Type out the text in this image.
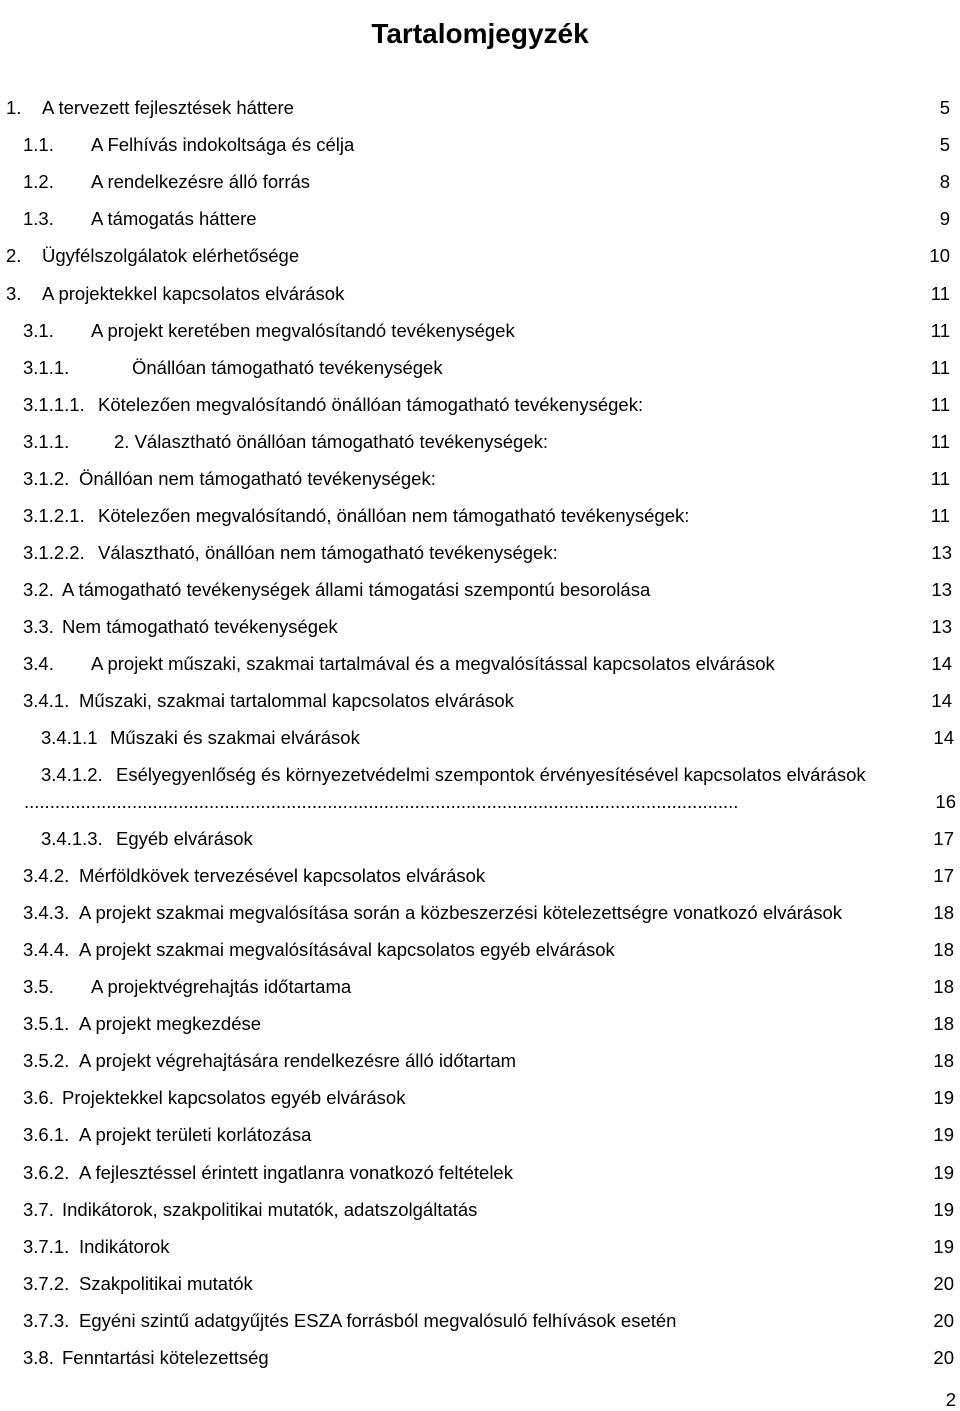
Tartalomjegyzék
1. A tervezett fejlesztések háttere	5
1.1. A Felhívás indokoltsága és célja	5
1.2. A rendelkezésre álló forrás	8
1.3. A támogatás háttere	9
2. Ügyfélszolgálatok elérhetősége	10
3. A projektekkel kapcsolatos elvárások	11
3.1. A projekt keretében megvalósítandó tevékenységek	11
3.1.1.	Önállóan támogatható tevékenységek	11
3.1.1.1. Kötelezően megvalósítandó önállóan támogatható tevékenységek:	11
3.1.1. 2. Választható önállóan támogatható tevékenységek:	11
3.1.2. Önállóan nem támogatható tevékenységek:	11
3.1.2.1. Kötelezően megvalósítandó, önállóan nem támogatható tevékenységek:	11
3.1.2.2. Választható, önállóan nem támogatható tevékenységek:	13
3.2. A támogatható tevékenységek állami támogatási szempontú besorolása	13
3.3. Nem támogatható tevékenységek	13
3.4. A projekt műszaki, szakmai tartalmával és a megvalósítással kapcsolatos elvárások	14
3.4.1. Műszaki, szakmai tartalommal kapcsolatos elvárások	14
3.4.1.1 Műszaki és szakmai elvárások	14
3.4.1.2. Esélyegyenlőség és környezetvédelmi szempontok érvényesítésével kapcsolatos elvárások
...........................................................................................................................................	16
3.4.1.3. Egyéb elvárások	17
3.4.2. Mérföldkövek tervezésével kapcsolatos elvárások	17
3.4.3. A projekt szakmai megvalósítása során a közbeszerzési kötelezettségre vonatkozó elvárások	18
3.4.4. A projekt szakmai megvalósításával kapcsolatos egyéb elvárások	18
3.5. A projektvégrehajtás időtartama	18
3.5.1. A projekt megkezdése	18
3.5.2. A projekt végrehajtására rendelkezésre álló időtartam	18
3.6. Projektekkel kapcsolatos egyéb elvárások	19
3.6.1. A projekt területi korlátozása	19
3.6.2. A fejlesztéssel érintett ingatlanra vonatkozó feltételek	19
3.7. Indikátorok, szakpolitikai mutatók, adatszolgáltatás	19
3.7.1. Indikátorok	19
3.7.2. Szakpolitikai mutatók	20
3.7.3. Egyéni szintű adatgyűjtés ESZA forrásból megvalósuló felhívások esetén	20
3.8. Fenntartási kötelezettség	20
2
